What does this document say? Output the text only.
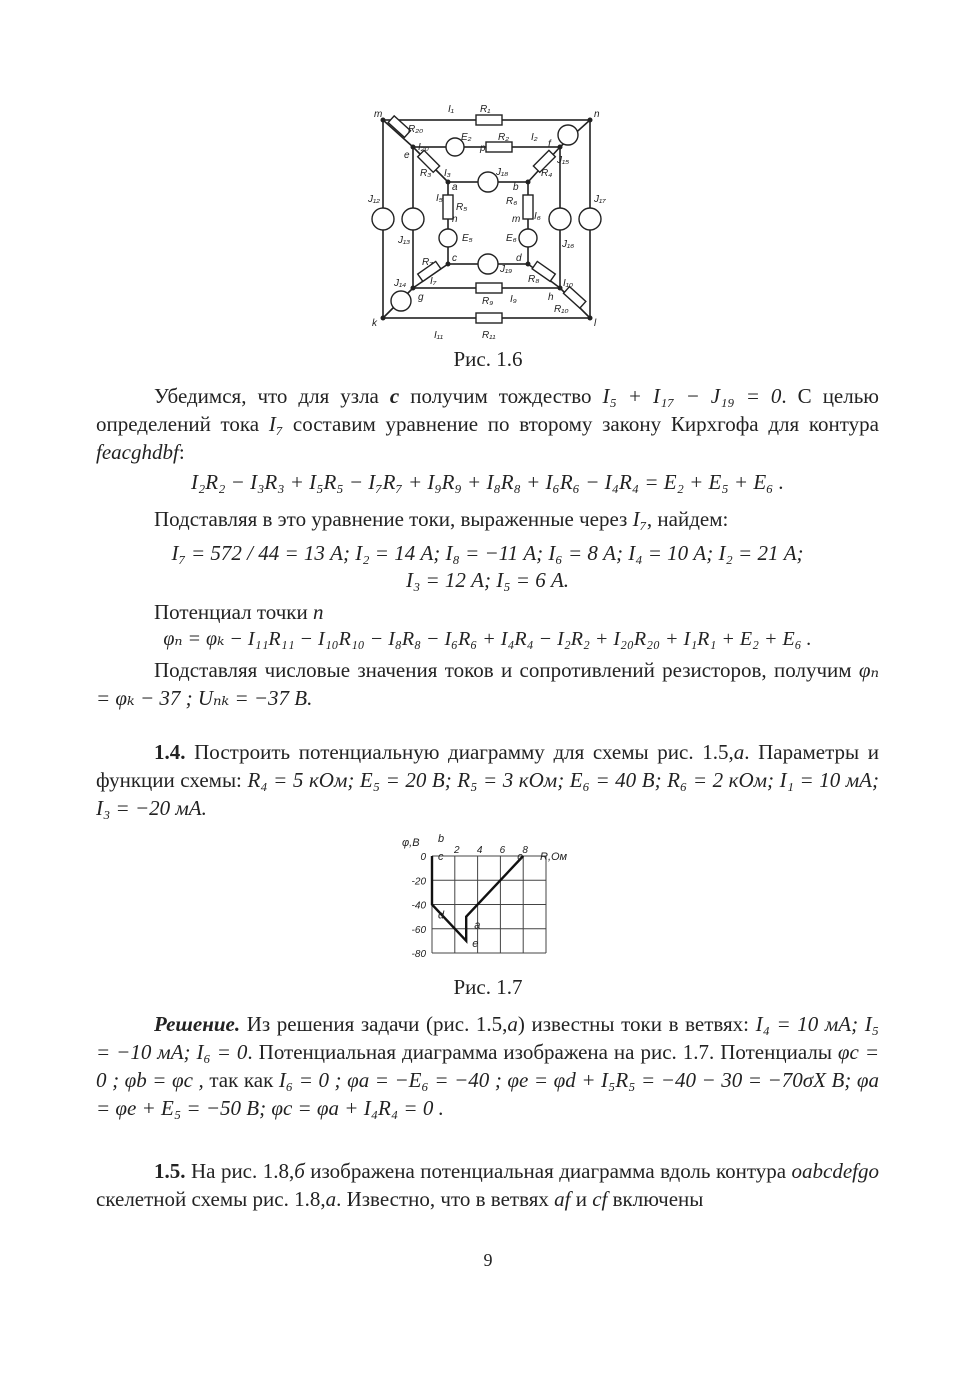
m	n
k	l
e
f
a	b
c	d
g	h
p
n	m
I₁	R₁
R₂₀
I₂₀
E₂	R₂ I₂
R₃ I₃	J₁₈	R₄
J₁₅
I₅
R₅
R₆
I₆
J₁₂
J₁₃
J₁₇
J₁₆
E₅	E₆
R₇
I₇
J₁₉
R₈
J₁₄
R₉ I₉
I₁₀
R₁₀
I₁₁	R₁₁
Рис. 1.6
Убедимся, что для узла c получим тождество I₅ + I₁₇ − J₁₉ = 0. С целью определений тока I₇ составим уравнение по второму закону Кирхгофа для контура feacghdbf:
I₂R₂ − I₃R₃ + I₅R₅ − I₇R₇ + I₉R₉ + I₈R₈ + I₆R₆ − I₄R₄ = E₂ + E₅ + E₆ .
Подставляя в это уравнение токи, выраженные через I₇, найдем:
I₇ = 572 / 44 = 13 А; I₂ = 14 А; I₈ = −11 А; I₆ = 8 А; I₄ = 10 А; I₂ = 21 А;
I₃ = 12 А; I₅ = 6 А.
Потенциал точки n
φₙ = φₖ − I₁₁R₁₁ − I₁₀R₁₀ − I₈R₈ − I₆R₆ + I₄R₄ − I₂R₂ + I₂₀R₂₀ + I₁R₁ + E₂ + E₆ .
Подставляя числовые значения токов и сопротивлений резисторов, получим φₙ = φₖ − 37 ; Uₙₖ = −37 В.
1.4. Построить потенциальную диаграмму для схемы рис. 1.5,а. Параметры и функции схемы: R₄ = 5 кОм; E₅ = 20 В; R₅ = 3 кОм; E₆ = 40 В; R₆ = 2 кОм; I₁ = 10 мА; I₃ = −20 мА.
φ,B
R,Ом
0
-20
-40
-60
-80
2 4 6 8
c
b
d
e
a
c
Рис. 1.7
Решение. Из решения задачи (рис. 1.5,а) известны токи в ветвях: I₄ = 10 мА; I₅ = −10 мА; I₆ = 0. Потенциальная диаграмма изображена на рис. 1.7. Потенциалы φc = 0 ; φb = φc , так как I₆ = 0 ; φa = −E₆ = −40 ; φe = φd + I₅R₅ = −40 − 30 = −70σX В; φa = φe + E₅ = −50 В; φc = φa + I₄R₄ = 0 .
1.5. На рис. 1.8,б изображена потенциальная диаграмма вдоль контура oabcdefgo скелетной схемы рис. 1.8,а. Известно, что в ветвях af и cf включены
9
